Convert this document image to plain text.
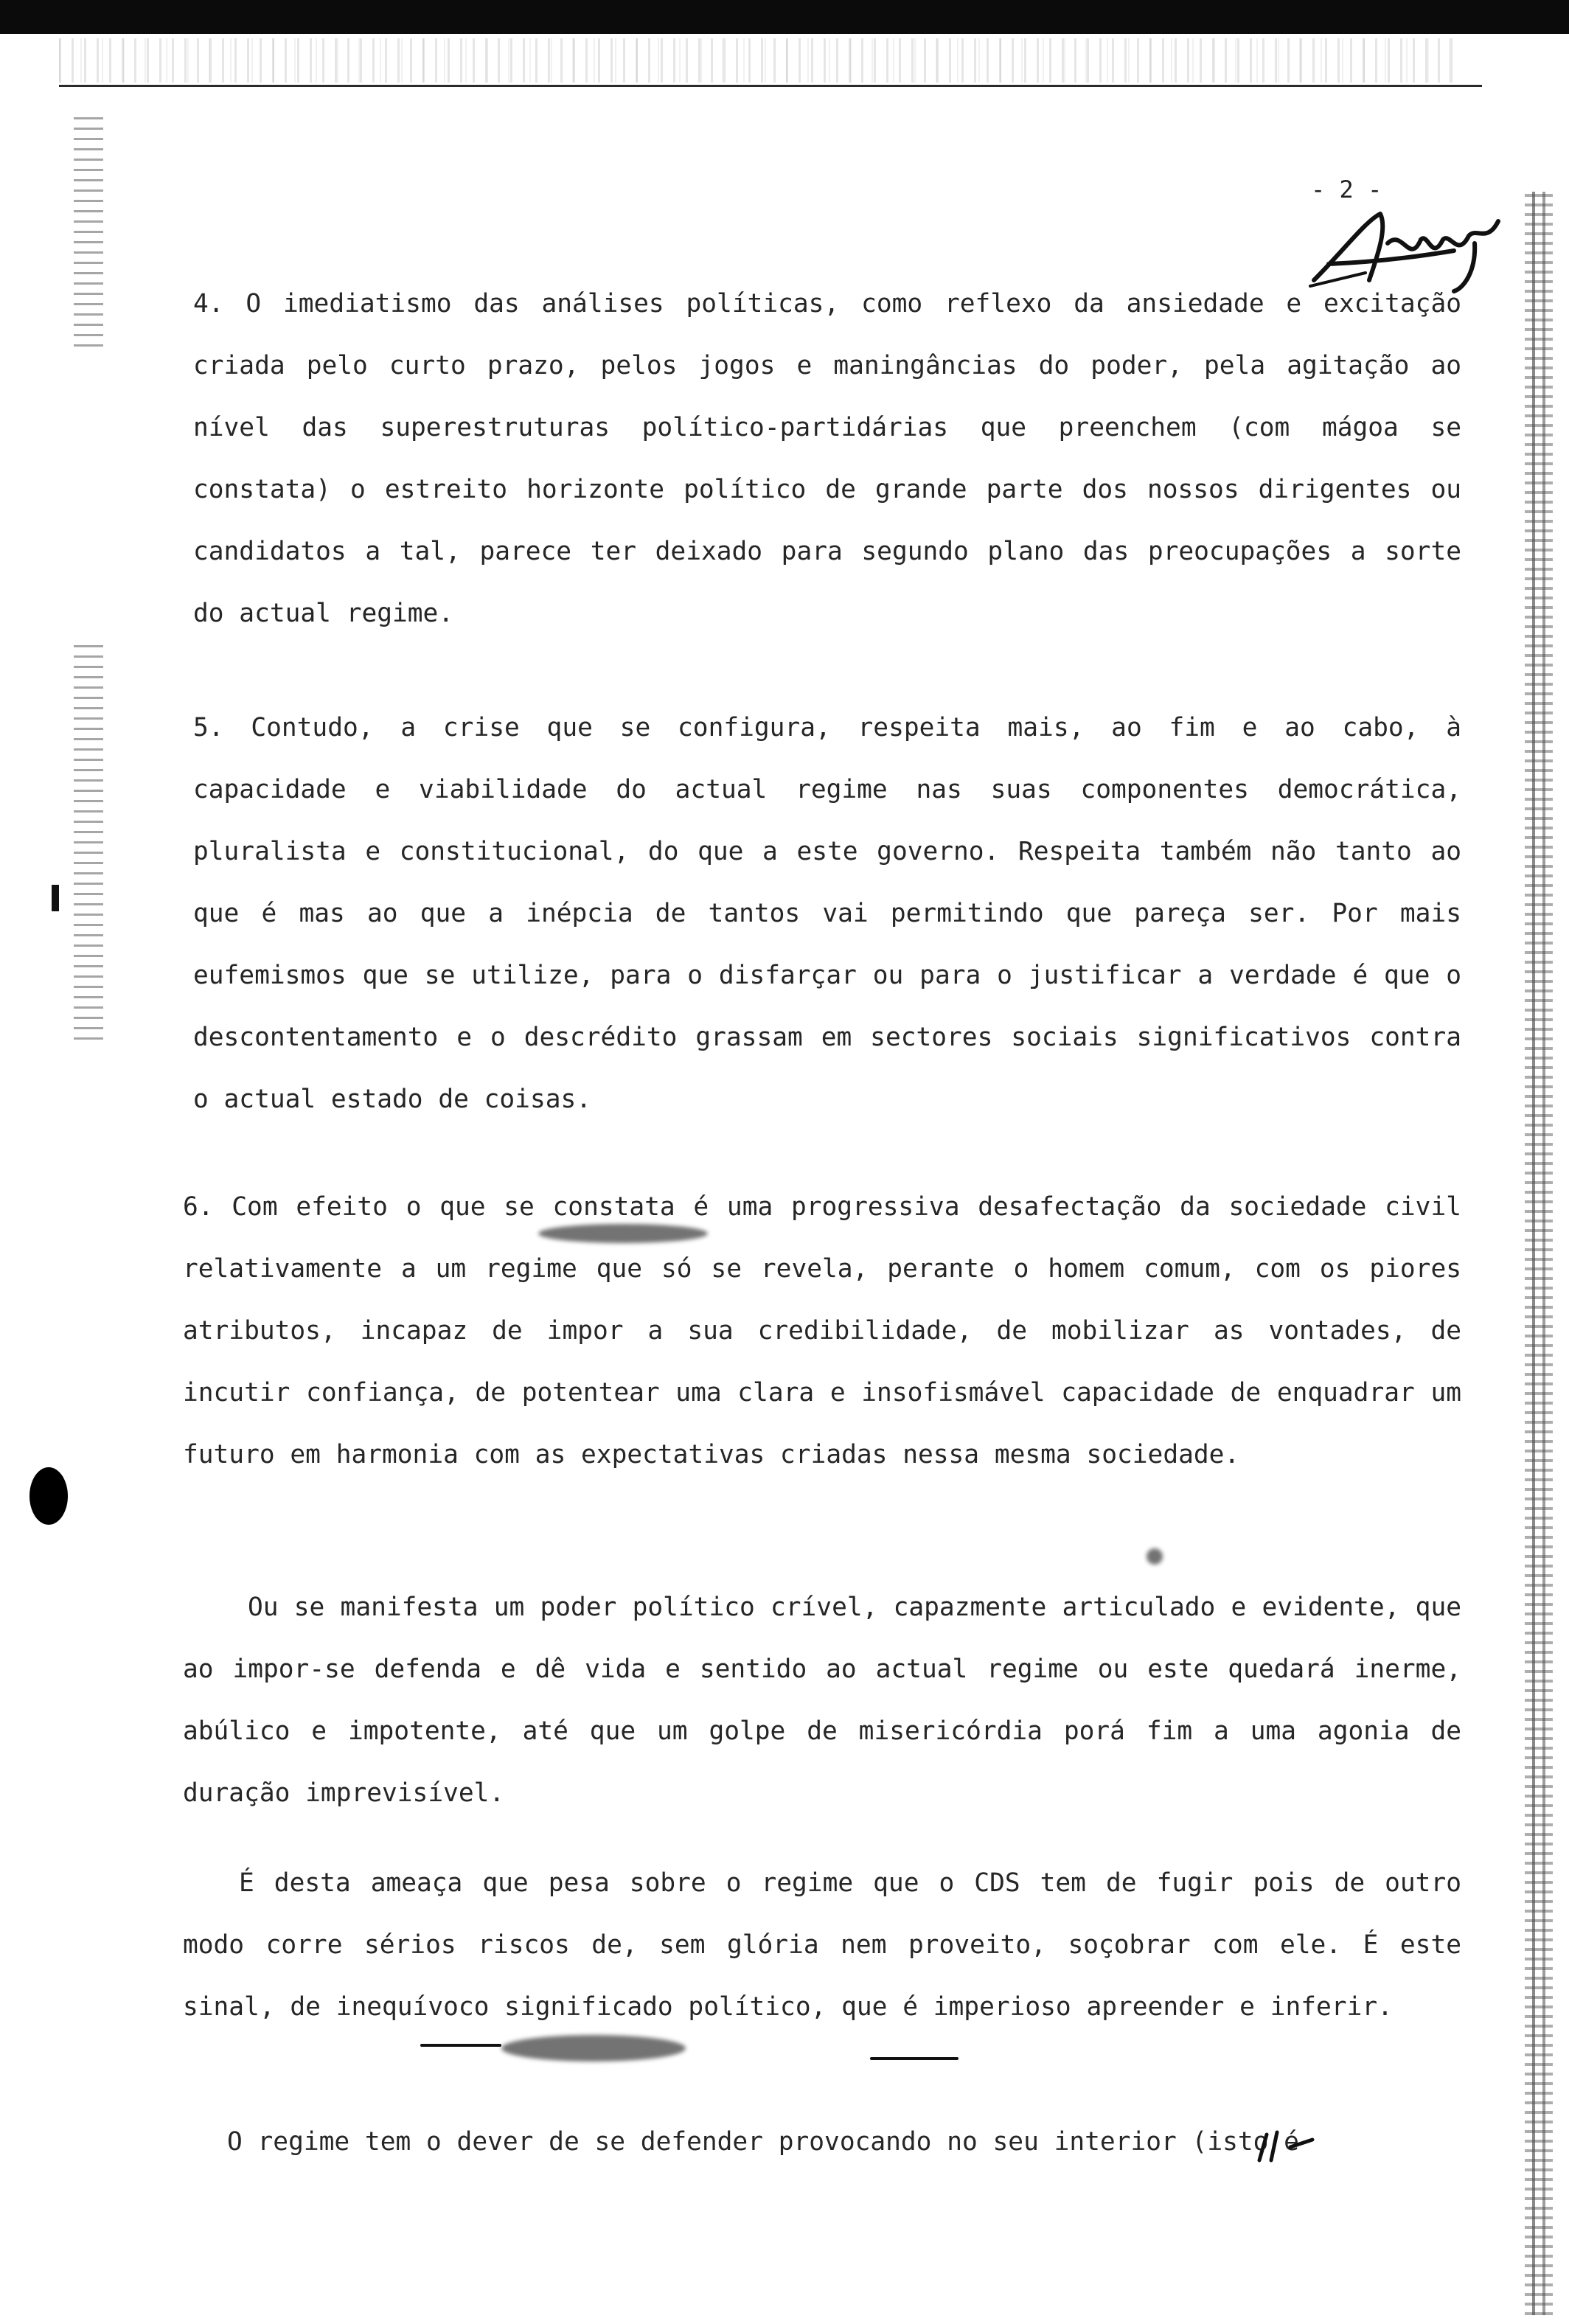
- 2 -

4. O imediatismo das análises políticas, como reflexo da ansiedade e excitação criada pelo curto prazo, pelos jogos e maningâncias do poder, pela agitação ao nível das superestruturas político-partidárias que preenchem (com mágoa se constata) o estreito horizonte político de grande parte dos nossos dirigentes ou candidatos a tal, parece ter deixado para segundo plano das preocupações a sorte do actual regime.

5. Contudo, a crise que se configura, respeita mais, ao fim e ao cabo, à capacidade e viabilidade do actual regime nas suas componentes democrática, pluralista e constitucional, do que a este governo. Respeita também não tanto ao que é mas ao que a inépcia de tantos vai permitindo que pareça ser. Por mais eufemismos que se utilize, para o disfarçar ou para o justificar a verdade é que o descontentamento e o descrédito grassam em sectores sociais significativos contra o actual estado de coisas.

6. Com efeito o que se constata é uma progressiva desafectação da sociedade civil relativamente a um regime que só se revela, perante o homem comum, com os piores atributos, incapaz de impor a sua credibilidade, de mobilizar as vontades, de incutir confiança, de potentear uma clara e insofismável capacidade de enquadrar um futuro em harmonia com as expectativas criadas nessa mesma sociedade.

Ou se manifesta um poder político crível, capazmente articulado e evidente, que ao impor-se defenda e dê vida e sentido ao actual regime ou este quedará inerme, abúlico e impotente, até que um golpe de misericórdia porá fim a uma agonia de duração imprevisível.

É desta ameaça que pesa sobre o regime que o CDS tem de fugir pois de outro modo corre sérios riscos de, sem glória nem proveito, soçobrar com ele. É este sinal, de inequívoco significado político, que é imperioso apreender e inferir.

O regime tem o dever de se defender provocando no seu interior (isto é
